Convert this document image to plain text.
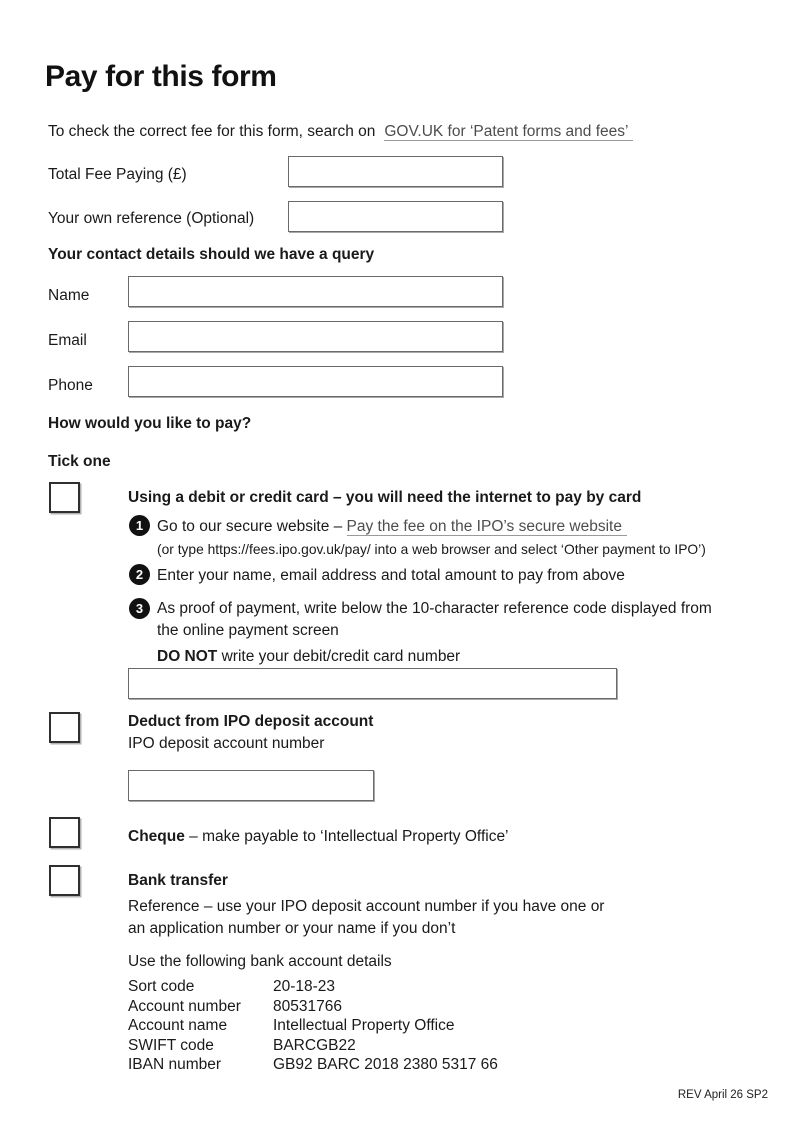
Pay for this form
To check the correct fee for this form, search on GOV.UK for ‘Patent forms and fees’
Total Fee Paying (£)
Your own reference (Optional)
Your contact details should we have a query
Name
Email
Phone
How would you like to pay?
Tick one
Using a debit or credit card – you will need the internet to pay by card
1 Go to our secure website – Pay the fee on the IPO’s secure website
(or type https://fees.ipo.gov.uk/pay/ into a web browser and select ‘Other payment to IPO’)
2 Enter your name, email address and total amount to pay from above
3 As proof of payment, write below the 10-character reference code displayed from the online payment screen
DO NOT write your debit/credit card number
Deduct from IPO deposit account
IPO deposit account number
Cheque – make payable to ‘Intellectual Property Office’
Bank transfer
Reference – use your IPO deposit account number if you have one or an application number or your name if you don’t
Use the following bank account details
Sort code	20-18-23
Account number	80531766
Account name	Intellectual Property Office
SWIFT code	BARCGB22
IBAN number	GB92 BARC 2018 2380 5317 66
REV April 26 SP2
